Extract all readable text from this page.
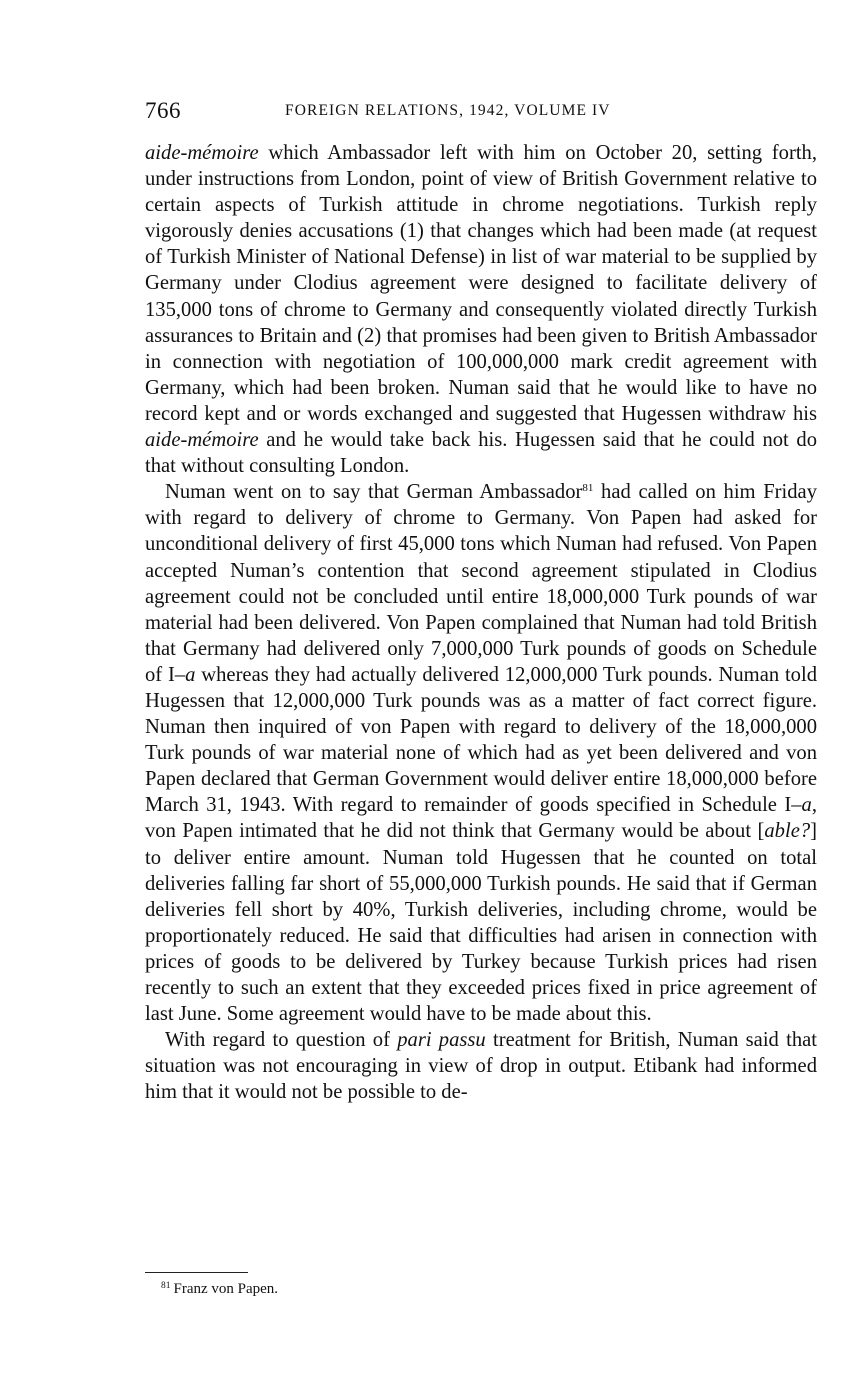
766	FOREIGN RELATIONS, 1942, VOLUME IV

aide-mémoire which Ambassador left with him on October 20, setting forth, under instructions from London, point of view of British Government relative to certain aspects of Turkish attitude in chrome negotiations. Turkish reply vigorously denies accusations (1) that changes which had been made (at request of Turkish Minister of National Defense) in list of war material to be supplied by Germany under Clodius agreement were designed to facilitate delivery of 135,000 tons of chrome to Germany and consequently violated directly Turkish assurances to Britain and (2) that promises had been given to British Ambassador in connection with negotiation of 100,000,000 mark credit agreement with Germany, which had been broken. Numan said that he would like to have no record kept and or words exchanged and suggested that Hugessen withdraw his aide-mémoire and he would take back his. Hugessen said that he could not do that without consulting London.

Numan went on to say that German Ambassador$^{81}$ had called on him Friday with regard to delivery of chrome to Germany. Von Papen had asked for unconditional delivery of first 45,000 tons which Numan had refused. Von Papen accepted Numan’s contention that second agreement stipulated in Clodius agreement could not be concluded until entire 18,000,000 Turk pounds of war material had been delivered. Von Papen complained that Numan had told British that Germany had delivered only 7,000,000 Turk pounds of goods on Schedule of I–a whereas they had actually delivered 12,000,000 Turk pounds. Numan told Hugessen that 12,000,000 Turk pounds was as a matter of fact correct figure. Numan then inquired of von Papen with regard to delivery of the 18,000,000 Turk pounds of war material none of which had as yet been delivered and von Papen declared that German Government would deliver entire 18,000,000 before March 31, 1943. With regard to remainder of goods specified in Schedule I–a, von Papen intimated that he did not think that Germany would be about [able?] to deliver entire amount. Numan told Hugessen that he counted on total deliveries falling far short of 55,000,000 Turkish pounds. He said that if German deliveries fell short by 40%, Turkish deliveries, including chrome, would be proportionately reduced. He said that difficulties had arisen in connection with prices of goods to be delivered by Turkey because Turkish prices had risen recently to such an extent that they exceeded prices fixed in price agreement of last June. Some agreement would have to be made about this.

With regard to question of pari passu treatment for British, Numan said that situation was not encouraging in view of drop in output. Etibank had informed him that it would not be possible to de-

$^{81}$ Franz von Papen.
